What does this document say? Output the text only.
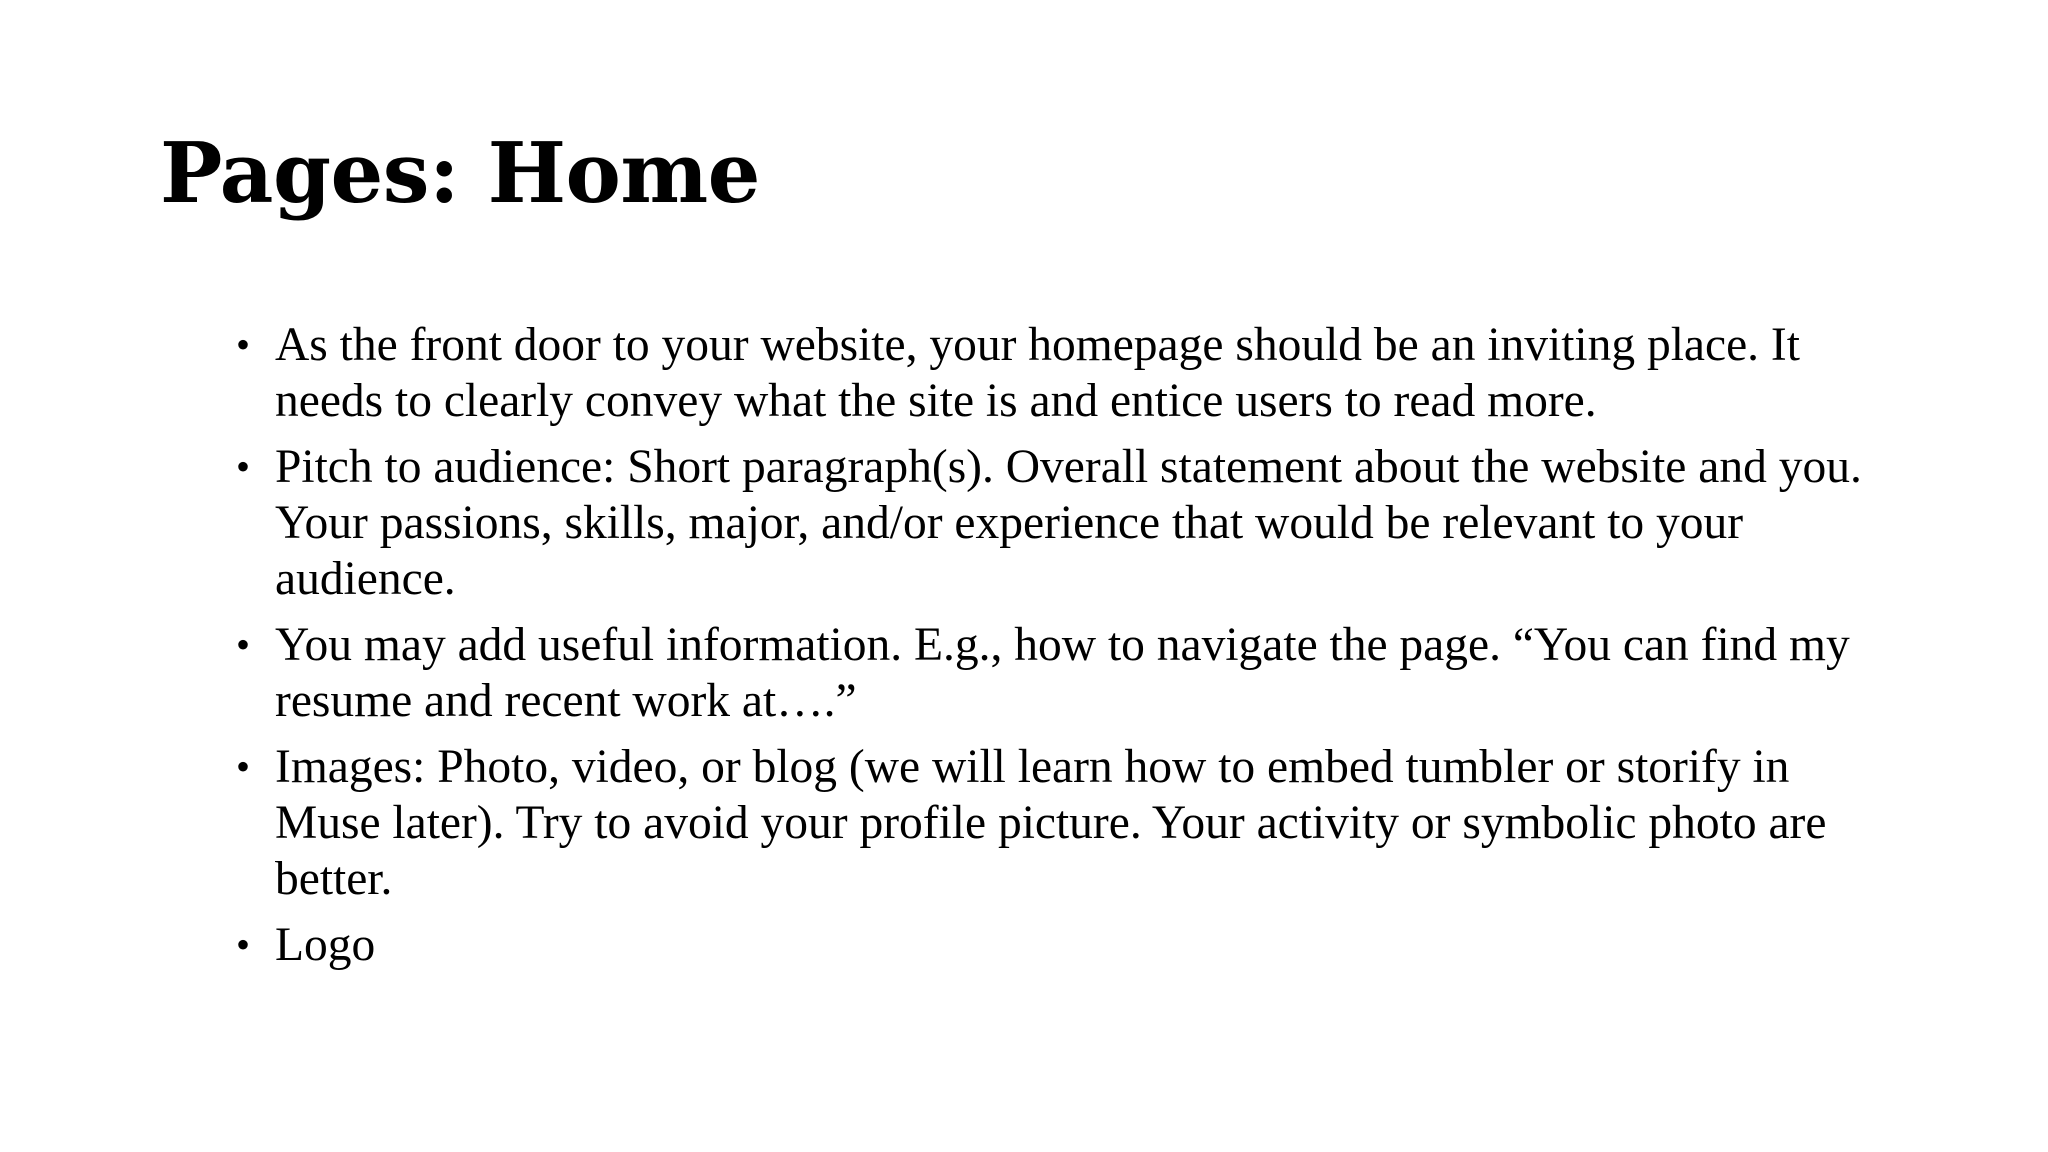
Pages: Home
• As the front door to your website, your homepage should be an inviting place. It needs to clearly convey what the site is and entice users to read more.
• Pitch to audience: Short paragraph(s). Overall statement about the website and you. Your passions, skills, major, and/or experience that would be relevant to your audience.
• You may add useful information. E.g., how to navigate the page. “You can find my resume and recent work at….”
• Images: Photo, video, or blog (we will learn how to embed tumbler or storify in Muse later). Try to avoid your profile picture. Your activity or symbolic photo are better.
• Logo
